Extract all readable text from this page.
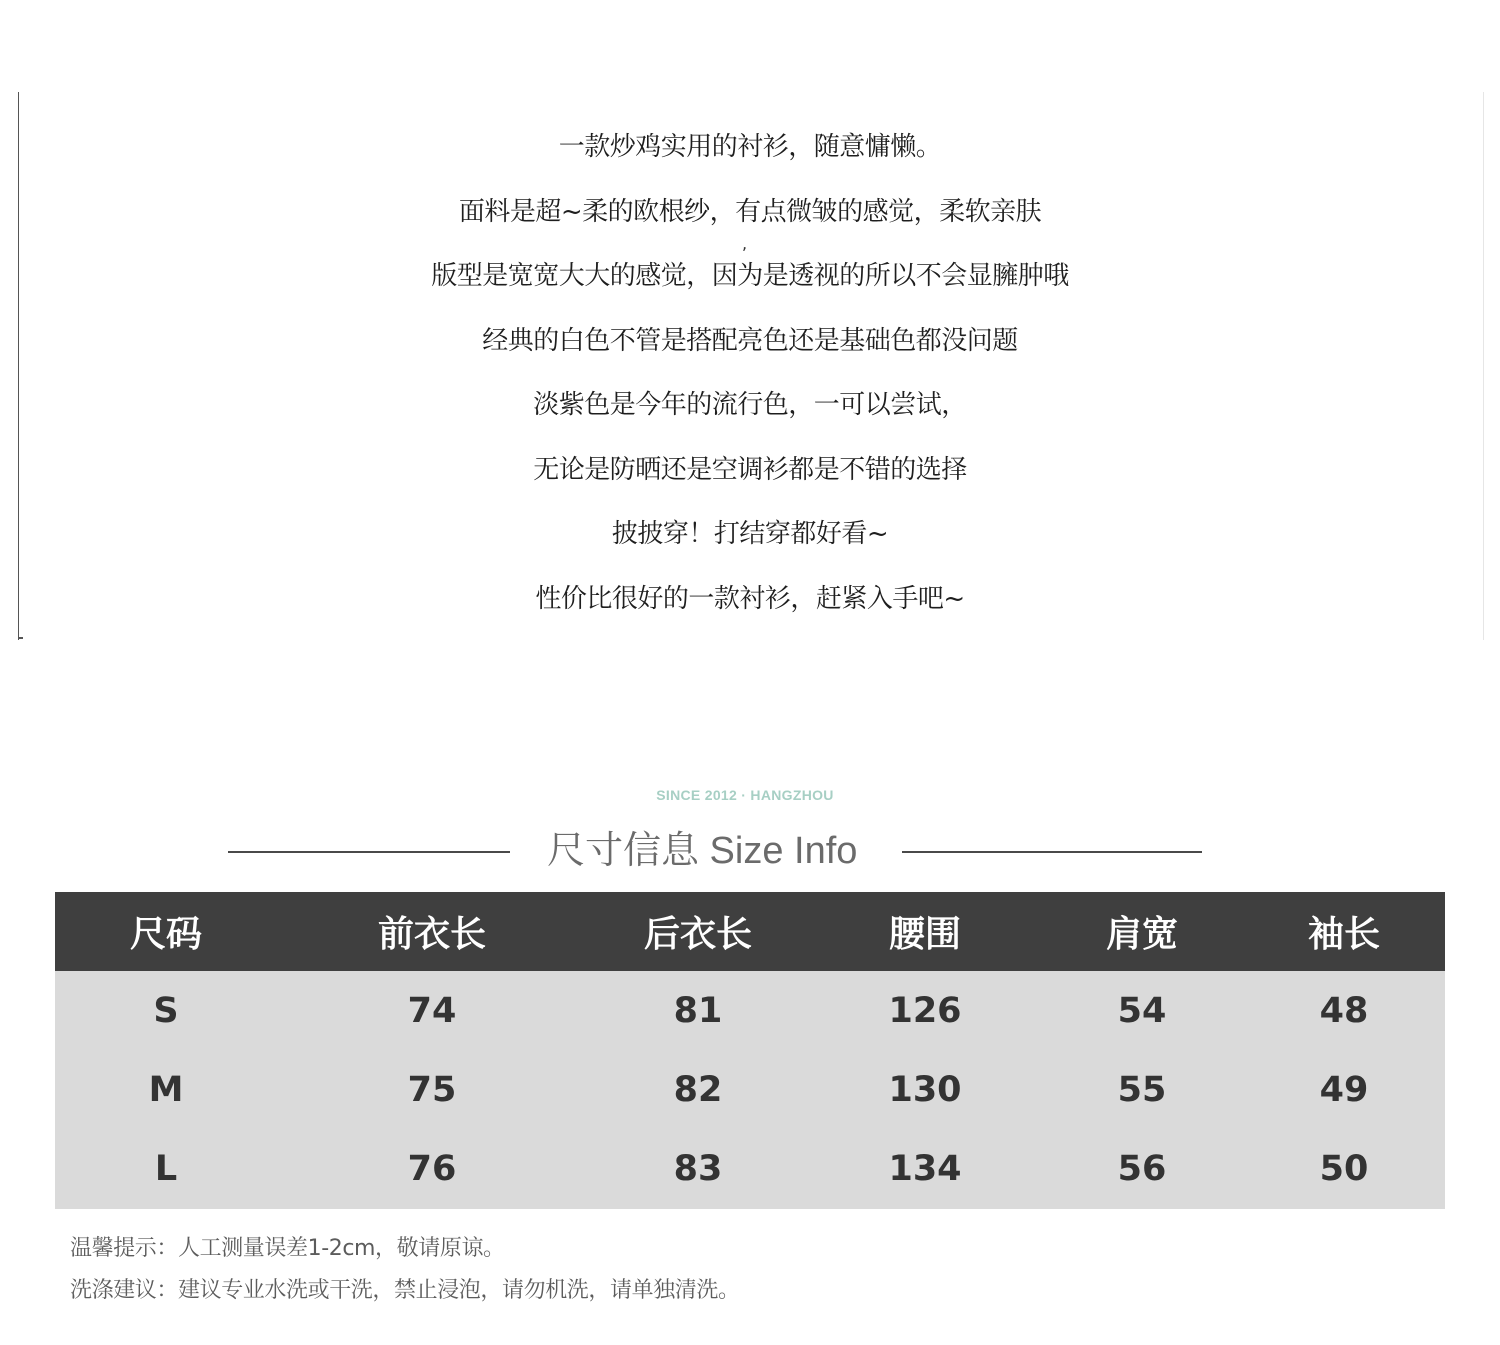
一款炒鸡实用的衬衫，随意慵懒。
面料是超~柔的欧根纱，有点微皱的感觉，柔软亲肤
版型是宽宽大大的感觉，因为是透视的所以不会显臃肿哦
经典的白色不管是搭配亮色还是基础色都没问题
淡紫色是今年的流行色，一可以尝试，
无论是防晒还是空调衫都是不错的选择
披披穿！打结穿都好看~
性价比很好的一款衬衫，赶紧入手吧~
,
SINCE 2012 · HANGZHOU
尺寸信息 Size Info
尺码	前衣长	后衣长	腰围	肩宽	袖长
S	74	81	126	54	48
M	75	82	130	55	49
L	76	83	134	56	50
温馨提示：人工测量误差1-2cm，敬请原谅。
洗涤建议：建议专业水洗或干洗，禁止浸泡，请勿机洗，请单独清洗。
